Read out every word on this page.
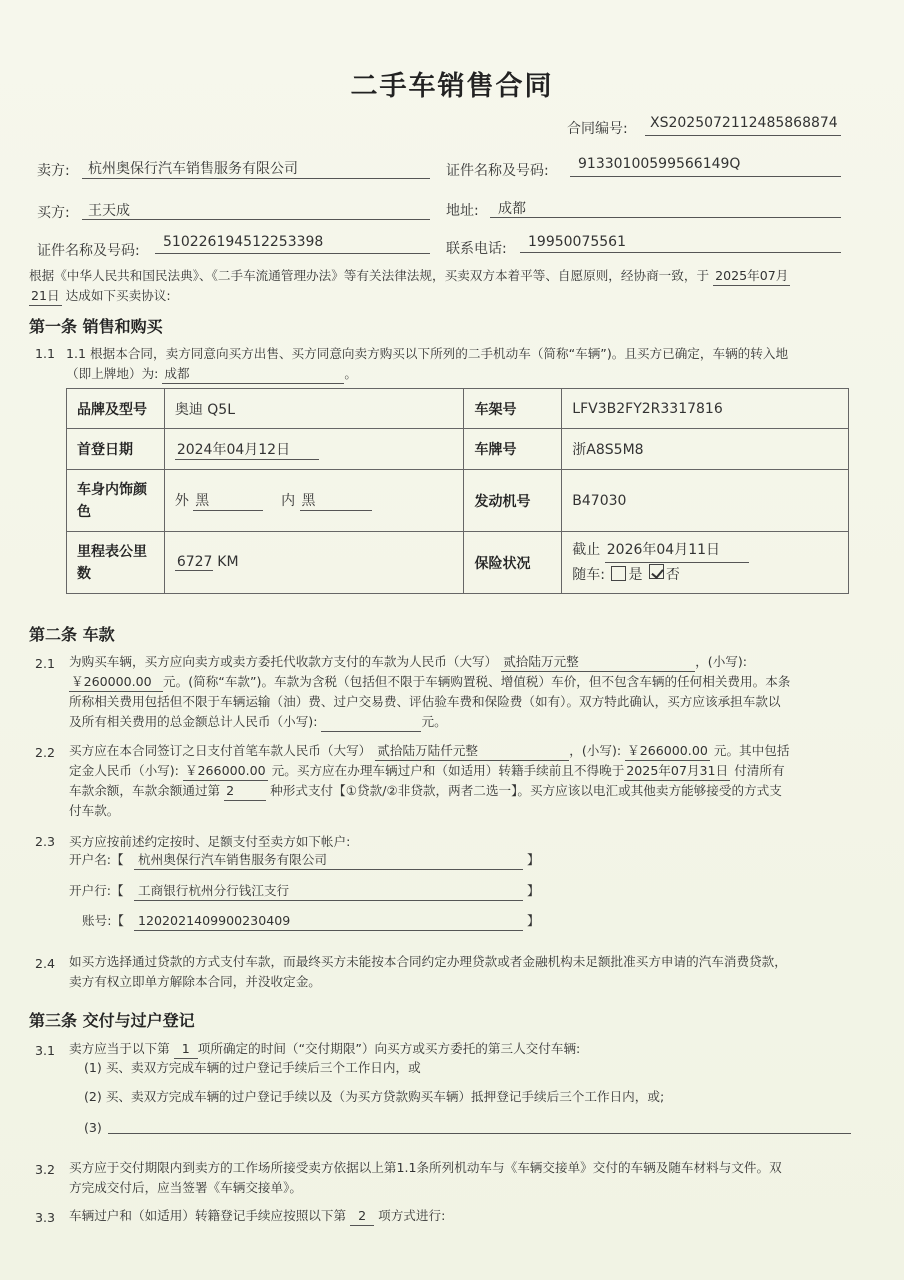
二手车销售合同
合同编号: XS2025072112485868874
卖方: 杭州奥保行汽车销售服务有限公司	证件名称及号码: 91330100599566149Q
买方: 王天成	地址: 成都
证件名称及号码:
510226194512253398	联系电话: 19950075561
根据《中华人民共和国民法典》、《二手车流通管理办法》等有关法律法规，买卖双方本着平等、自愿原则，经协商一致，于 2025年07月
21日 达成如下买卖协议:
第一条 销售和购买
1.1 1.1 根据本合同，卖方同意向买方出售、买方同意向卖方购买以下所列的二手机动车（简称“车辆”)。且买方已确定，车辆的转入地
（即上牌地）为: 成都	。
品牌及型号	奥迪 Q5L	车架号	LFV3B2FY2R3317816
首登日期	2024年04月12日	车牌号	浙A8S5M8
车身内饰颜色	外 黑 内 黑	发动机号	B47030
里程表公里数	6727 KM	保险状况	截止 2026年04月11日
随车: 是 否
第二条 车款
2.1 为购买车辆，买方应向卖方或卖方委托代收款方支付的车款为人民币（大写） 贰拾陆万元整	，(小写):
￥260000.00 元。(简称“车款”)。车款为含税（包括但不限于车辆购置税、增值税）车价，但不包含车辆的任何相关费用。本条
所称相关费用包括但不限于车辆运输（油）费、过户交易费、评估验车费和保险费（如有）。双方特此确认，买方应该承担车款以
及所有相关费用的总金额总计人民币（小写):	元。
2.2 买方应在本合同签订之日支付首笔车款人民币（大写） 贰拾陆万陆仟元整	，(小写): ￥266000.00 元。其中包括
定金人民币（小写): ￥266000.00 元。买方应在办理车辆过户和（如适用）转籍手续前且不得晚于 2025年07月31日 付清所有
车款余额，车款余额通过第 2	种形式支付【①贷款/②非贷款，两者二选一】。买方应该以电汇或其他卖方能够接受的方式支
付车款。
2.3 买方应按前述约定按时、足额支付至卖方如下帐户:
开户名:【 杭州奥保行汽车销售服务有限公司	】
开户行:【 工商银行杭州分行钱江支行	】
账号:【 1202021409900230409	】
2.4 如买方选择通过贷款的方式支付车款，而最终买方未能按本合同约定办理贷款或者金融机构未足额批准买方申请的汽车消费贷款，
卖方有权立即单方解除本合同，并没收定金。
第三条 交付与过户登记
3.1 卖方应当于以下第 1 项所确定的时间（“交付期限”）向买方或买方委托的第三人交付车辆:
(1) 买、卖双方完成车辆的过户登记手续后三个工作日内，或
(2) 买、卖双方完成车辆的过户登记手续以及（为买方贷款购买车辆）抵押登记手续后三个工作日内，或;
(3)
3.2 买方应于交付期限内到卖方的工作场所接受卖方依据以上第1.1条所列机动车与《车辆交接单》交付的车辆及随车材料与文件。双
方完成交付后，应当签署《车辆交接单》。
3.3 车辆过户和（如适用）转籍登记手续应按照以下第 2 项方式进行:
